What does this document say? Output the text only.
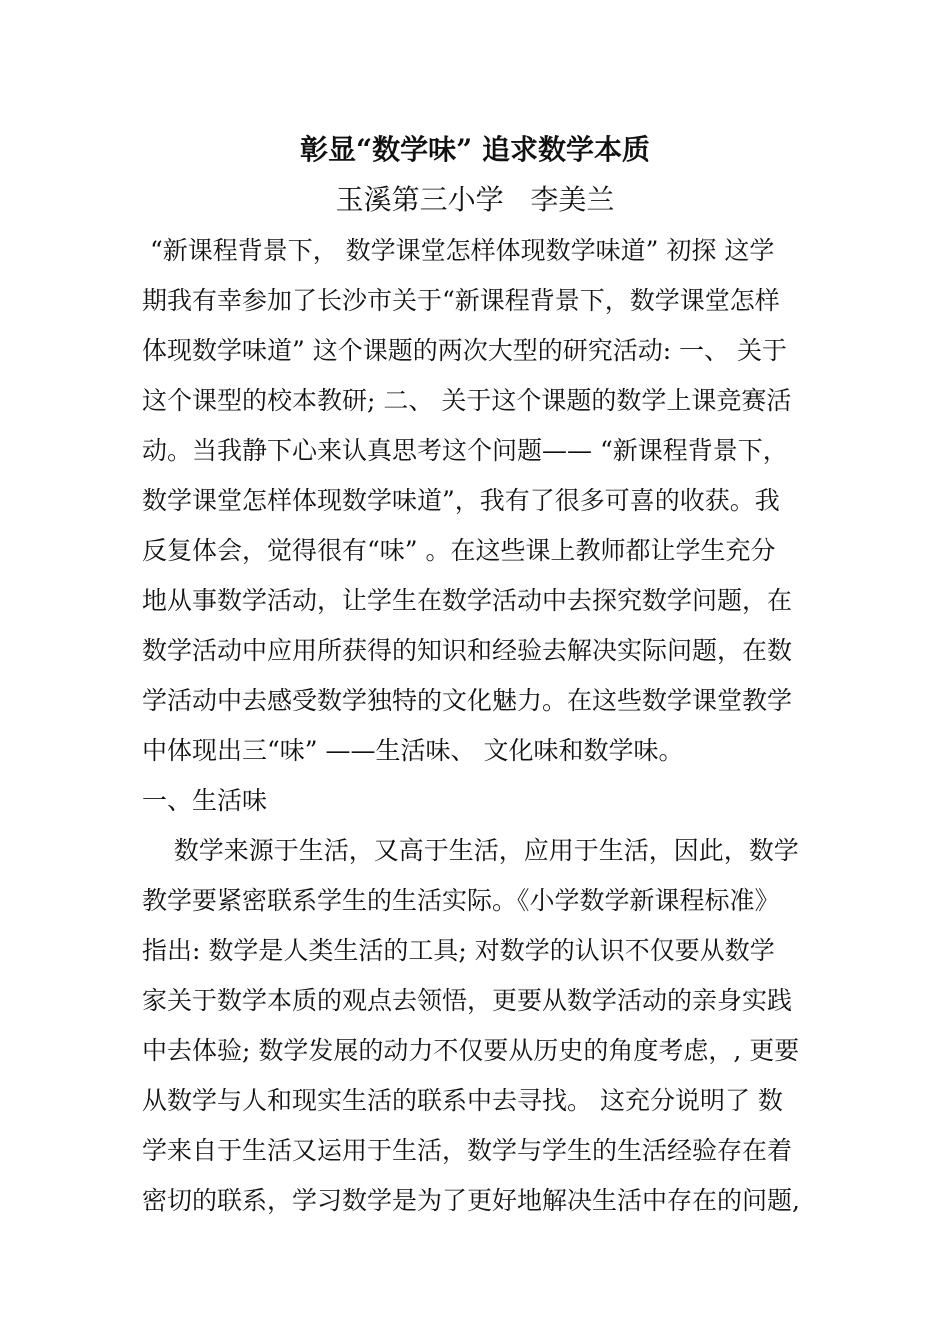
彰显“数学味” 追求数学本质
玉溪第三小学   李美兰
“新课程背景下， 数学课堂怎样体现数学味道” 初探 这学
期我有幸参加了长沙市关于“新课程背景下，数学课堂怎样
体现数学味道” 这个课题的两次大型的研究活动: 一、 关于
这个课型的校本教研; 二、 关于这个课题的数学上课竞赛活
动。当我静下心来认真思考这个问题—— “新课程背景下，
数学课堂怎样体现数学味道”，我有了很多可喜的收获。我
反复体会，觉得很有“味” 。在这些课上教师都让学生充分
地从事数学活动，让学生在数学活动中去探究数学问题，在
数学活动中应用所获得的知识和经验去解决实际问题，在数
学活动中去感受数学独特的文化魅力。在这些数学课堂教学
中体现出三“味” ——生活味、 文化味和数学味。
一、生活味
数学来源于生活，又高于生活，应用于生活，因此，数学
教学要紧密联系学生的生活实际。《小学数学新课程标准》
指出: 数学是人类生活的工具; 对数学的认识不仅要从数学
家关于数学本质的观点去领悟，更要从数学活动的亲身实践
中去体验; 数学发展的动力不仅要从历史的角度考虑，, 更要
从数学与人和现实生活的联系中去寻找。 这充分说明了 数
学来自于生活又运用于生活，数学与学生的生活经验存在着
密切的联系，学习数学是为了更好地解决生活中存在的问题,
